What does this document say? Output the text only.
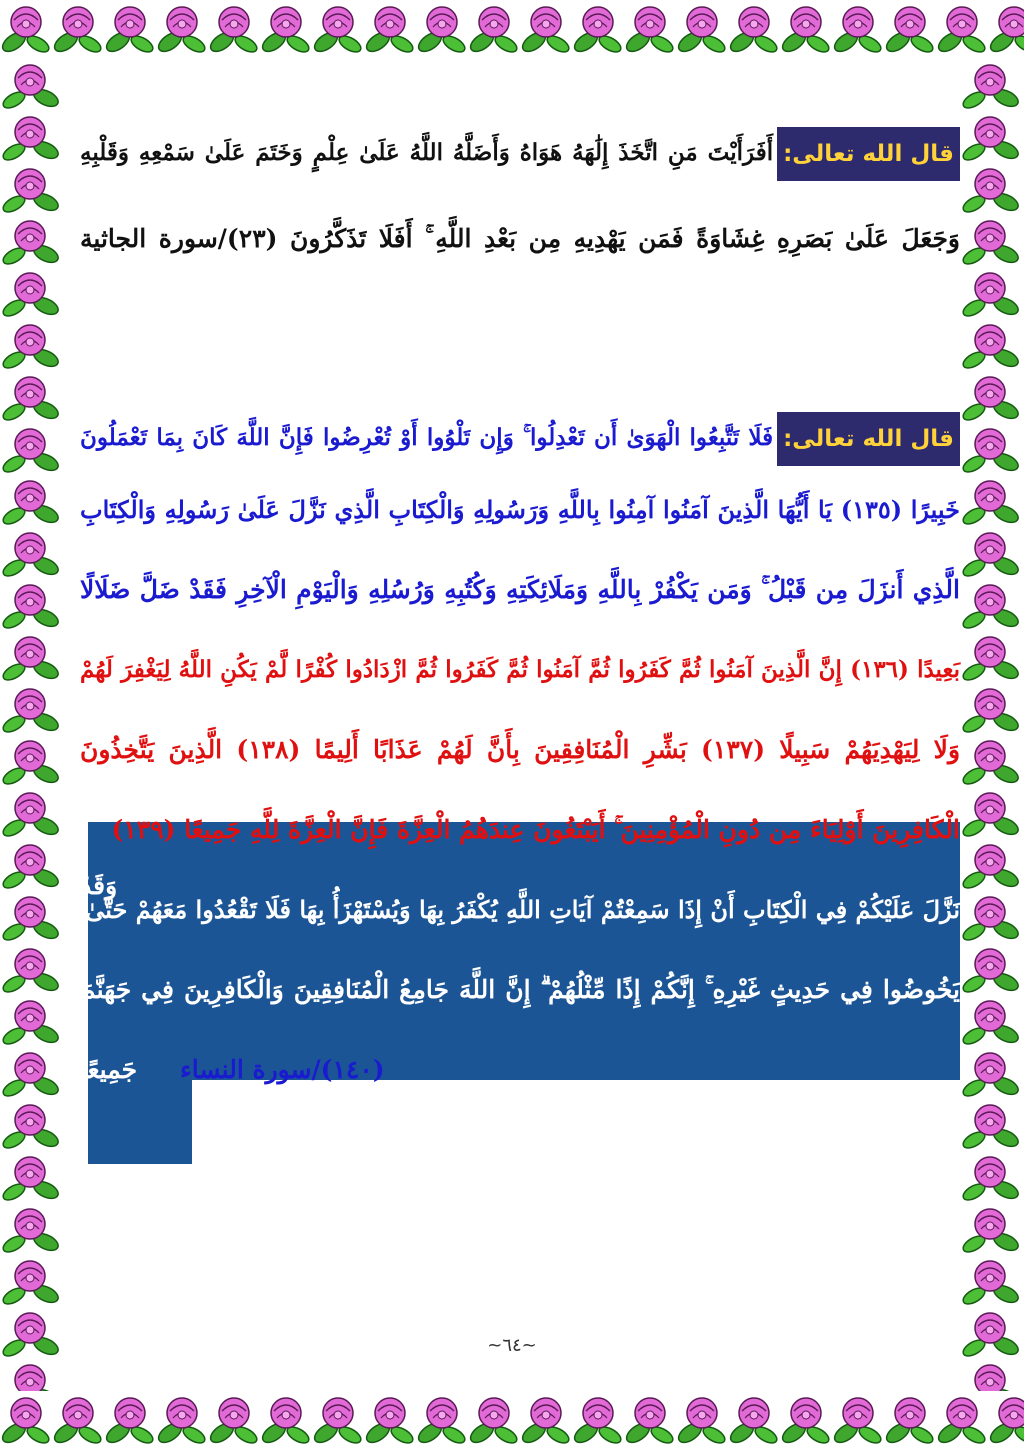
قال الله تعالى:أَفَرَأَيْتَ مَنِ اتَّخَذَ إِلَٰهَهُ هَوَاهُ وَأَضَلَّهُ اللَّهُ عَلَىٰ عِلْمٍ وَخَتَمَ عَلَىٰ سَمْعِهِ وَقَلْبِهِ
وَجَعَلَ عَلَىٰ بَصَرِهِ غِشَاوَةً فَمَن يَهْدِيهِ مِن بَعْدِ اللَّهِ ۚ أَفَلَا تَذَكَّرُونَ (٢٣)/سورة الجاثية
قال الله تعالى:فَلَا تَتَّبِعُوا الْهَوَىٰ أَن تَعْدِلُوا ۚ وَإِن تَلْوُوا أَوْ تُعْرِضُوا فَإِنَّ اللَّهَ كَانَ بِمَا تَعْمَلُونَ
خَبِيرًا (١٣٥) يَا أَيُّهَا الَّذِينَ آمَنُوا آمِنُوا بِاللَّهِ وَرَسُولِهِ وَالْكِتَابِ الَّذِي نَزَّلَ عَلَىٰ رَسُولِهِ وَالْكِتَابِ
الَّذِي أَنزَلَ مِن قَبْلُ ۚ وَمَن يَكْفُرْ بِاللَّهِ وَمَلَائِكَتِهِ وَكُتُبِهِ وَرُسُلِهِ وَالْيَوْمِ الْآخِرِ فَقَدْ ضَلَّ ضَلَالًا
بَعِيدًا (١٣٦) إِنَّ الَّذِينَ آمَنُوا ثُمَّ كَفَرُوا ثُمَّ آمَنُوا ثُمَّ كَفَرُوا ثُمَّ ازْدَادُوا كُفْرًا لَّمْ يَكُنِ اللَّهُ لِيَغْفِرَ لَهُمْ
وَلَا لِيَهْدِيَهُمْ سَبِيلًا (١٣٧) بَشِّرِ الْمُنَافِقِينَ بِأَنَّ لَهُمْ عَذَابًا أَلِيمًا (١٣٨) الَّذِينَ يَتَّخِذُونَ
الْكَافِرِينَ أَوْلِيَاءَ مِن دُونِ الْمُؤْمِنِينَ ۚ أَيَبْتَغُونَ عِندَهُمُ الْعِزَّةَ فَإِنَّ الْعِزَّةَ لِلَّهِ جَمِيعًا (١٣٩)
وَقَدْ
نَزَّلَ عَلَيْكُمْ فِي الْكِتَابِ أَنْ إِذَا سَمِعْتُمْ آيَاتِ اللَّهِ يُكْفَرُ بِهَا وَيُسْتَهْزَأُ بِهَا فَلَا تَقْعُدُوا مَعَهُمْ حَتَّىٰ
يَخُوضُوا فِي حَدِيثٍ غَيْرِهِ ۚ إِنَّكُمْ إِذًا مِّثْلُهُمْ ۗ إِنَّ اللَّهَ جَامِعُ الْمُنَافِقِينَ وَالْكَافِرِينَ فِي جَهَنَّمَ
جَمِيعًا (١٤٠)/سورة النساء
~٦٤~
